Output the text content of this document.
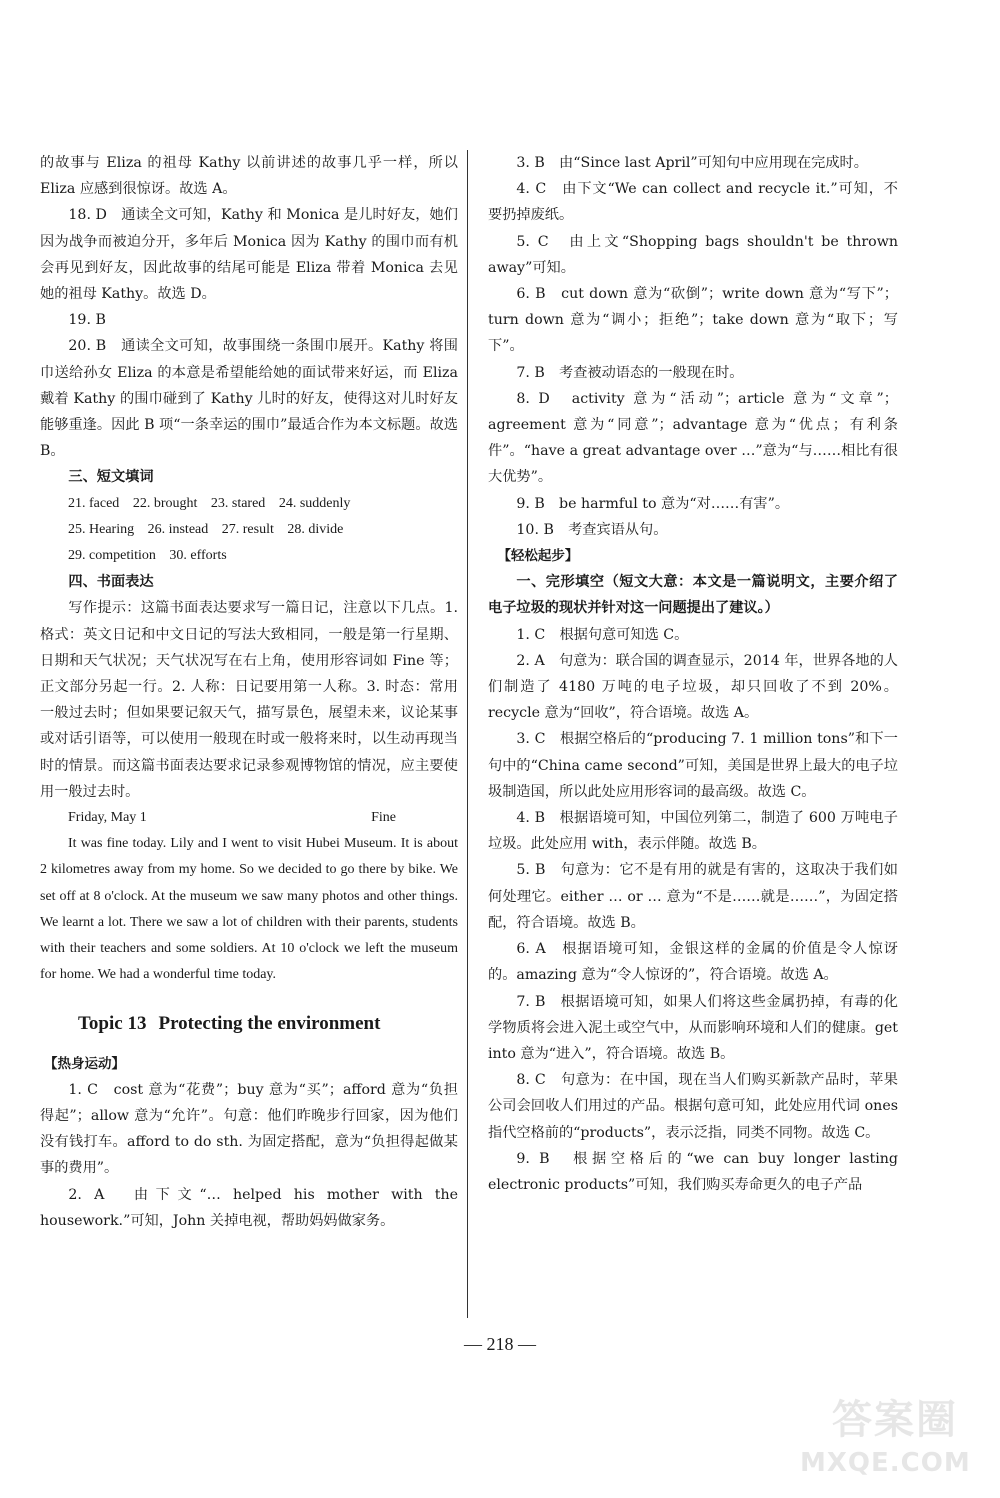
的故事与 Eliza 的祖母 Kathy 以前讲述的故事几乎一样，所以 Eliza 应感到很惊讶。故选 A。

18. D　通读全文可知，Kathy 和 Monica 是儿时好友，她们因为战争而被迫分开，多年后 Monica 因为 Kathy 的围巾而有机会再见到好友，因此故事的结尾可能是 Eliza 带着 Monica 去见她的祖母 Kathy。故选 D。

19. B

20. B　通读全文可知，故事围绕一条围巾展开。Kathy 将围巾送给孙女 Eliza 的本意是希望能给她的面试带来好运，而 Eliza 戴着 Kathy 的围巾碰到了 Kathy 儿时的好友，使得这对儿时好友能够重逢。因此 B 项“一条幸运的围巾”最适合作为本文标题。故选 B。

三、短文填词

21. faced 22. brought 23. stared 24. suddenly
25. Hearing 26. instead 27. result 28. divide
29. competition 30. efforts

四、书面表达

写作提示：这篇书面表达要求写一篇日记，注意以下几点。1. 格式：英文日记和中文日记的写法大致相同，一般是第一行星期、日期和天气状况；天气状况写在右上角，使用形容词如 Fine 等；正文部分另起一行。2. 人称：日记要用第一人称。3. 时态：常用一般过去时；但如果要记叙天气，描写景色，展望未来，议论某事或对话引语等，可以使用一般现在时或一般将来时，以生动再现当时的情景。而这篇书面表达要求记录参观博物馆的情况，应主要使用一般过去时。

Friday, May 1	Fine

It was fine today. Lily and I went to visit Hubei Museum. It is about 2 kilometres away from my home. So we decided to go there by bike. We set off at 8 o'clock. At the museum we saw many photos and other things. We learnt a lot. There we saw a lot of children with their parents, students with their teachers and some soldiers. At 10 o'clock we left the museum for home. We had a wonderful time today.

Topic 13 Protecting the environment

【热身运动】

1. C　cost 意为“花费”；buy 意为“买”；afford 意为“负担得起”；allow 意为“允许”。句意：他们昨晚步行回家，因为他们没有钱打车。afford to do sth. 为固定搭配，意为“负担得起做某事的费用”。

2. A　由下文“… helped his mother with the housework.”可知，John 关掉电视，帮助妈妈做家务。

3. B　由“Since last April”可知句中应用现在完成时。

4. C　由下文“We can collect and recycle it.”可知，不要扔掉废纸。

5. C　由上文“Shopping bags shouldn't be thrown away”可知。

6. B　cut down 意为“砍倒”；write down 意为“写下”；turn down 意为“调小；拒绝”；take down 意为“取下；写下”。

7. B　考查被动语态的一般现在时。

8. D　activity 意为“活动”；article 意为“文章”；agreement 意为“同意”；advantage 意为“优点；有利条件”。“have a great advantage over …”意为“与……相比有很大优势”。

9. B　be harmful to 意为“对……有害”。

10. B　考查宾语从句。

【轻松起步】

一、完形填空（短文大意：本文是一篇说明文，主要介绍了电子垃圾的现状并针对这一问题提出了建议。）

1. C　根据句意可知选 C。

2. A　句意为：联合国的调查显示，2014 年，世界各地的人们制造了 4180 万吨的电子垃圾，却只回收了不到 20%。recycle 意为“回收”，符合语境。故选 A。

3. C　根据空格后的“producing 7. 1 million tons”和下一句中的“China came second”可知，美国是世界上最大的电子垃圾制造国，所以此处应用形容词的最高级。故选 C。

4. B　根据语境可知，中国位列第二，制造了 600 万吨电子垃圾。此处应用 with，表示伴随。故选 B。

5. B　句意为：它不是有用的就是有害的，这取决于我们如何处理它。either … or … 意为“不是……就是……”，为固定搭配，符合语境。故选 B。

6. A　根据语境可知，金银这样的金属的价值是令人惊讶的。amazing 意为“令人惊讶的”，符合语境。故选 A。

7. B　根据语境可知，如果人们将这些金属扔掉，有毒的化学物质将会进入泥土或空气中，从而影响环境和人们的健康。get into 意为“进入”，符合语境。故选 B。

8. C　句意为：在中国，现在当人们购买新款产品时，苹果公司会回收人们用过的产品。根据句意可知，此处应用代词 ones 指代空格前的“products”，表示泛指，同类不同物。故选 C。

9. B　根据空格后的“we can buy longer lasting electronic products”可知，我们购买寿命更久的电子产品

— 218 —
答案圈
MXQE.COM
